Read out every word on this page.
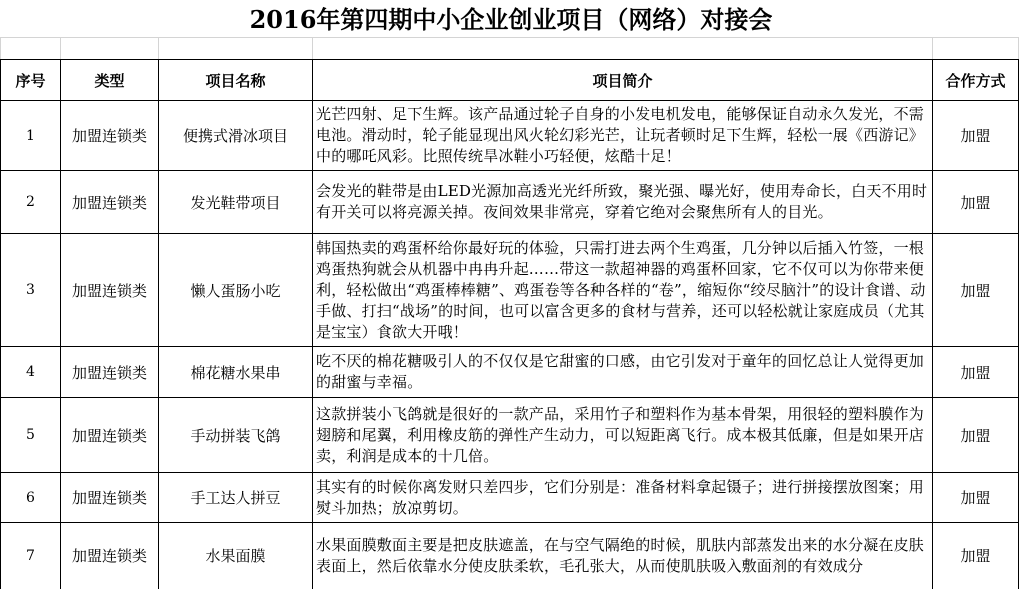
2016年第四期中小企业创业项目（网络）对接会

序号	类型	项目名称	项目简介	合作方式
1	加盟连锁类	便携式滑冰项目	光芒四射、足下生辉。该产品通过轮子自身的小发电机发电，能够保证自动永久发光，不需电池。滑动时，轮子能显现出风火轮幻彩光芒，让玩者顿时足下生辉，轻松一展《西游记》中的哪吒风彩。比照传统旱冰鞋小巧轻便，炫酷十足！	加盟
2	加盟连锁类	发光鞋带项目	会发光的鞋带是由LED光源加高透光光纤所致，聚光强、曝光好，使用寿命长，白天不用时有开关可以将亮源关掉。夜间效果非常亮，穿着它绝对会聚焦所有人的目光。	加盟
3	加盟连锁类	懒人蛋肠小吃	韩国热卖的鸡蛋杯给你最好玩的体验，只需打进去两个生鸡蛋，几分钟以后插入竹签，一根鸡蛋热狗就会从机器中冉冉升起……带这一款超神器的鸡蛋杯回家，它不仅可以为你带来便利，轻松做出“鸡蛋棒棒糖”、鸡蛋卷等各种各样的“卷”，缩短你“绞尽脑汁”的设计食谱、动手做、打扫“战场”的时间，也可以富含更多的食材与营养，还可以轻松就让家庭成员（尤其是宝宝）食欲大开哦！	加盟
4	加盟连锁类	棉花糖水果串	吃不厌的棉花糖吸引人的不仅仅是它甜蜜的口感，由它引发对于童年的回忆总让人觉得更加的甜蜜与幸福。	加盟
5	加盟连锁类	手动拼装飞鸽	这款拼装小飞鸽就是很好的一款产品，采用竹子和塑料作为基本骨架，用很轻的塑料膜作为翅膀和尾翼，利用橡皮筋的弹性产生动力，可以短距离飞行。成本极其低廉，但是如果开店卖，利润是成本的十几倍。	加盟
6	加盟连锁类	手工达人拼豆	其实有的时候你离发财只差四步，它们分别是：准备材料拿起镊子；进行拼接摆放图案；用熨斗加热；放凉剪切。	加盟
7	加盟连锁类	水果面膜	水果面膜敷面主要是把皮肤遮盖，在与空气隔绝的时候，肌肤内部蒸发出来的水分凝在皮肤表面上，然后依靠水分使皮肤柔软，毛孔张大，从而使肌肤吸入敷面剂的有效成分	加盟
